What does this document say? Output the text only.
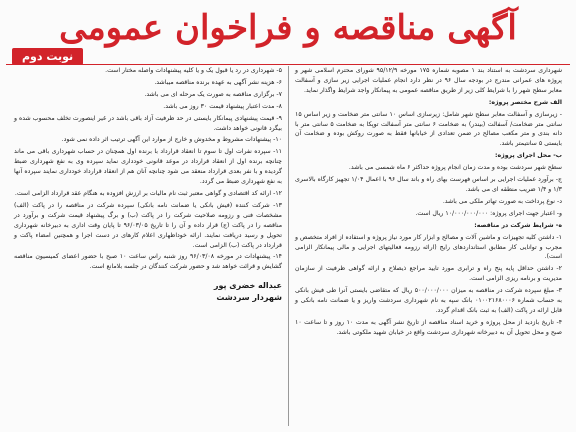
آگهی مناقصه و فراخوان عمومی
نوبت دوم

شهرداری سردشت به استناد بند ۱ مصوبه شماره ۱۷۵ مورخه ۹۵/۱۲/۹ شورای محترم اسلامی شهر و پروژه های عمرانی مندرج در بودجه سال ۹۶ در نظر دارد انجام عملیات اجرایی زیر سازی و آسفالت معابر سطح شهر را با شرایط کلی زیر از طریق مناقصه عمومی به پیمانکار واجد شرایط واگذار نماید.

الف شرح مختصر پروژه:

- زیرسازی و آسفالت معابر سطح شهر شامل: زیرسازی اساس ۱۰ سانتی متر ضخامت و زیر اساس ۱۵ سانتی متر ضخامت/ آسفالت (بیندر) به ضخامت ۶ سانتی متر آسفالت توپکا به ضخامت ۵ سانتی متر با دانه بندی و متر مکعب مصالح در ضمن تعدادی از خیابانها فقط به صورت روکش بوده و ضخامت آن بایستی ۵ سانتیمتر باشد.

ب- محل اجرای پروژه:

سطح شهر سردشت بوده و مدت زمان انجام پروژه حداکثر ۶ ماه شمسی می باشد.

ج- برآورد عملیات اجرایی بر اساس فهرست بهای راه و باند سال ۹۶ با اعمال ۱/۰۴ تجهیز کارگاه بالاسری ۱/۳ و ۱/۴ ضریب منطقه ای می باشد.

د- نوع پرداخت به صورت تهاتر ملکی می باشد.

و- اعتبار جهت اجرای پروژه: ۱۰/۰۰۰/۰۰۰/۰۰۰ ریال است.

ه- شرایط شرکت در مناقصه:

۱- داشتن کلیه تجهیزات و ماشین آلات و مصالح و ابزار کار مورد نیاز پروژه و استفاده از افراد متخصص و مجرب و توانایی کار مطابق استانداردهای رایج (ارائه رزومه فعالیتهای اجرایی و مالی پیمانکار الزامی است).

۲- داشتن حداقل پایه پنج راه و ترابری مورد تایید مراجع ذیصلاح و ارائه گواهی ظرفیت از سازمان مدیریت و برنامه ریزی الزامی است.

۳- مبلغ سپرده شرکت در مناقصه به میزان ۵۰۰/۰۰۰/۰۰۰ ریال که متقاضی بایستی آنرا طی فیش بانکی به حساب شماره ۰۱۰۰۲۱۶۸۰۰۰۶ بانک سپه به نام شهرداری سردشت واریز و یا ضمانت نامه بانکی و قابل ارائه در پاکت (الف) به ثبت بانک اقدام گردد.

۴- تاریخ بازدید از محل پروژه و خرید اسناد مناقصه از تاریخ نشر آگهی به مدت ۱۰ روز و تا ساعت ۱۰ صبح و محل تحویل آن به دبیرخانه شهرداری سردشت واقع در خیابان شهید ملکوتی باشد.

۵- شهرداری در رد یا قبول یک و یا کلیه پیشنهادات واصله مختار است.

۶- هزینه نشر آگهی به عهده برنده مناقصه میباشد.

۷- برگزاری مناقصه به صورت یک مرحله ای می باشد.

۸- مدت اعتبار پیشنهاد قیمت ۳۰ روز می باشد.

۹- قیمت پیشنهادی پیمانکار بایستی در حد ظرفیت آزاد باقی باشد در غیر اینصورت تخلف محسوب شده و بیگرد قانونی خواهد داشت.

۱۰- پیشنهادات مشروط و مخدوش و خارج از موارد این آگهی ترتیب اثر داده نمی شود.

۱۱- سپرده نفرات اول تا سوم تا انعقاد قرارداد با برنده اول همچنان در حساب شهرداری باقی می ماند چنانچه برنده اول از انعقاد قرارداد در موعد قانونی خودداری نماید سپرده وی به نفع شهرداری ضبط گردیده و با نفر بعدی قرارداد منعقد می شود چنانچه آنان هم از انعقاد قرارداد خودداری نمایند سپرده آنها به نفع شهرداری ضبط می گردد.

۱۲- ارائه کد اقتصادی و گواهی معتبر ثبت نام مالیات بر ارزش افزوده به هنگام عقد قرارداد الزامی است.

۱۳- شرکت کننده (فیش بانکی یا ضمانت نامه بانکی) سپرده شرکت در مناقصه را در پاکت (الف) مشخصات فنی و رزومه صلاحیت شرکت را در پاکت (ب) و برگ پیشنهاد قیمت شرکت و برآورد در مناقصه را در پاکت (ج) قرار داده و آن را تا تاریخ ۹۶/۰۳/۰۵ تا پایان وقت اداری به دبیرخانه شهرداری تحویل و رسید دریافت نمایند. ارائه خوداظهاری اعلام کارهای در دست اجرا و همچنین امضاء پاکت و قرارداد در پاکت (ب) الزامی است.

۱۴- پیشنهادات در مورخه ۹۶/۰۳/۰۸ روز شنبه راس ساعت ۱۰ صبح با حضور اعضای کمیسیون مناقصه گشایش و قرائت خواهد شد و حضور شرکت کنندگان در جلسه بلامانع است.

عبداله خضری پور
شهردار سردشت
